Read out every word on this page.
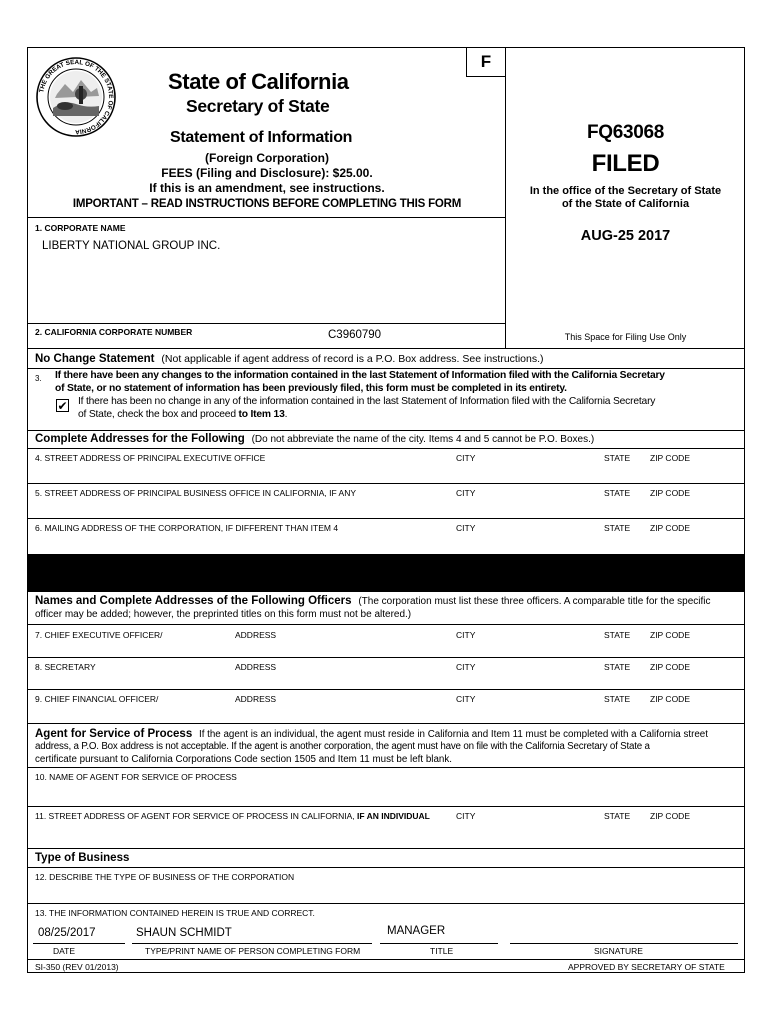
F
THE GREAT SEAL OF THE STATE OF CALIFORNIA
State of California
Secretary of State
Statement of Information
(Foreign Corporation)
FEES (Filing and Disclosure): $25.00.
If this is an amendment, see instructions.
IMPORTANT – READ INSTRUCTIONS BEFORE COMPLETING THIS FORM
FQ63068
FILED
In the office of the Secretary of State
of the State of California
AUG-25 2017
This Space for Filing Use Only
1. CORPORATE NAME
LIBERTY NATIONAL GROUP INC.
2. CALIFORNIA CORPORATE NUMBER	C3960790
No Change Statement (Not applicable if agent address of record is a P.O. Box address. See instructions.)
3. If there have been any changes to the information contained in the last Statement of Information filed with the California Secretary
of State, or no statement of information has been previously filed, this form must be completed in its entirety.
✔ If there has been no change in any of the information contained in the last Statement of Information filed with the California Secretary
of State, check the box and proceed to Item 13.
Complete Addresses for the Following (Do not abbreviate the name of the city. Items 4 and 5 cannot be P.O. Boxes.)
4. STREET ADDRESS OF PRINCIPAL EXECUTIVE OFFICE	CITY	STATE ZIP CODE
5. STREET ADDRESS OF PRINCIPAL BUSINESS OFFICE IN CALIFORNIA, IF ANY	CITY	STATE ZIP CODE
6. MAILING ADDRESS OF THE CORPORATION, IF DIFFERENT THAN ITEM 4	CITY	STATE ZIP CODE
Names and Complete Addresses of the Following Officers (The corporation must list these three officers. A comparable title for the specific
officer may be added; however, the preprinted titles on this form must not be altered.)
7. CHIEF EXECUTIVE OFFICER/	ADDRESS	CITY	STATE ZIP CODE
8. SECRETARY	ADDRESS	CITY	STATE ZIP CODE
9. CHIEF FINANCIAL OFFICER/	ADDRESS	CITY	STATE ZIP CODE
Agent for Service of Process If the agent is an individual, the agent must reside in California and Item 11 must be completed with a California street
address, a P.O. Box address is not acceptable. If the agent is another corporation, the agent must have on file with the California Secretary of State a
certificate pursuant to California Corporations Code section 1505 and Item 11 must be left blank.
10. NAME OF AGENT FOR SERVICE OF PROCESS
11. STREET ADDRESS OF AGENT FOR SERVICE OF PROCESS IN CALIFORNIA, IF AN INDIVIDUAL	CITY	STATE ZIP CODE
Type of Business
12. DESCRIBE THE TYPE OF BUSINESS OF THE CORPORATION
13. THE INFORMATION CONTAINED HEREIN IS TRUE AND CORRECT.
08/25/2017	SHAUN SCHMIDT	MANAGER
DATE	TYPE/PRINT NAME OF PERSON COMPLETING FORM	TITLE	SIGNATURE
SI-350 (REV 01/2013)	APPROVED BY SECRETARY OF STATE
